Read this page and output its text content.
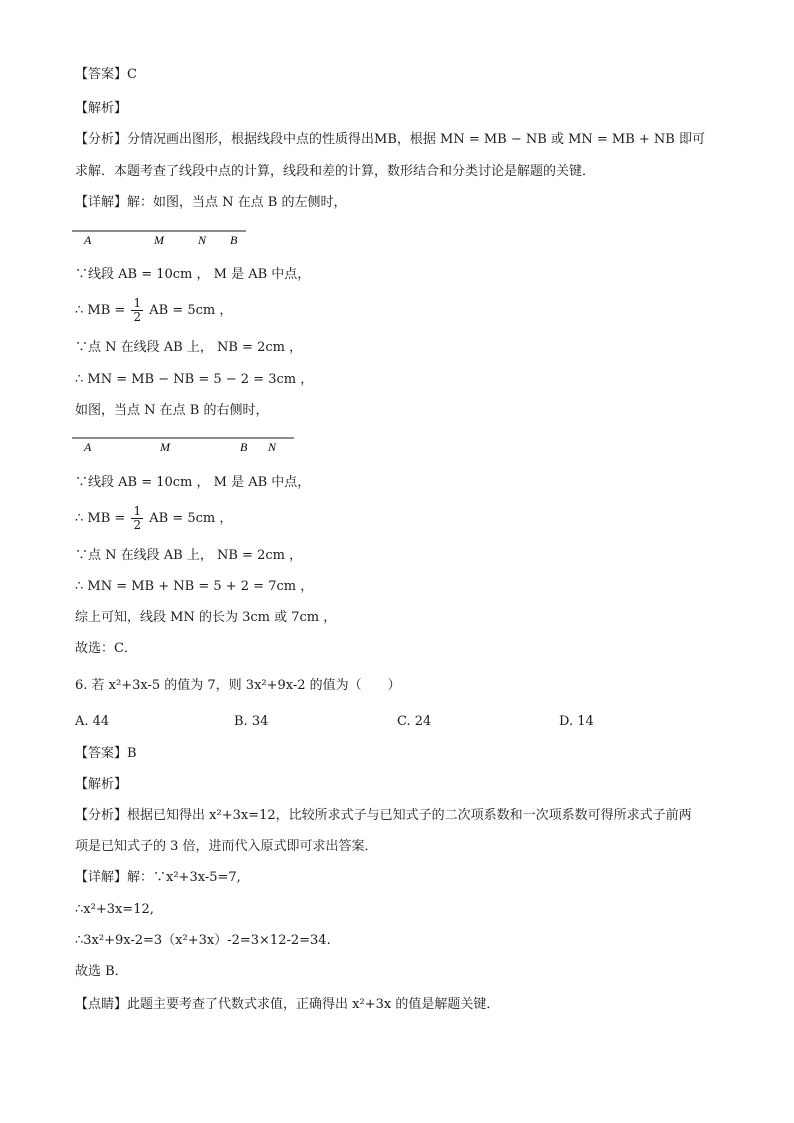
【答案】C
【解析】
【分析】分情况画出图形，根据线段中点的性质得出MB，根据 MN = MB − NB 或 MN = MB + NB 即可
求解．本题考查了线段中点的计算，线段和差的计算，数形结合和分类讨论是解题的关键．
【详解】解：如图，当点 N 在点 B 的左侧时，
A	M	N B
∵线段 AB = 10cm ， M 是 AB 中点，
∴ MB = $\frac{1}{2}$ AB = 5cm ，
∵点 N 在线段 AB 上， NB = 2cm ，
∴ MN = MB − NB = 5 − 2 = 3cm ，
如图，当点 N 在点 B 的右侧时，
A	M	B N
∵线段 AB = 10cm ， M 是 AB 中点，
∴ MB = $\frac{1}{2}$ AB = 5cm ，
∵点 N 在线段 AB 上， NB = 2cm ，
∴ MN = MB + NB = 5 + 2 = 7cm ，
综上可知，线段 MN 的长为 3cm 或 7cm ，
故选：C．
6. 若 x²+3x-5 的值为 7，则 3x²+9x-2 的值为（　　）
A. 44	B. 34	C. 24	D. 14
【答案】B
【解析】
【分析】根据已知得出 x²+3x=12，比较所求式子与已知式子的二次项系数和一次项系数可得所求式子前两
项是已知式子的 3 倍，进而代入原式即可求出答案．
【详解】解：∵x²+3x-5=7,
∴x²+3x=12,
∴3x²+9x-2=3（x²+3x）-2=3×12-2=34.
故选 B．
【点睛】此题主要考查了代数式求值，正确得出 x²+3x 的值是解题关键．
